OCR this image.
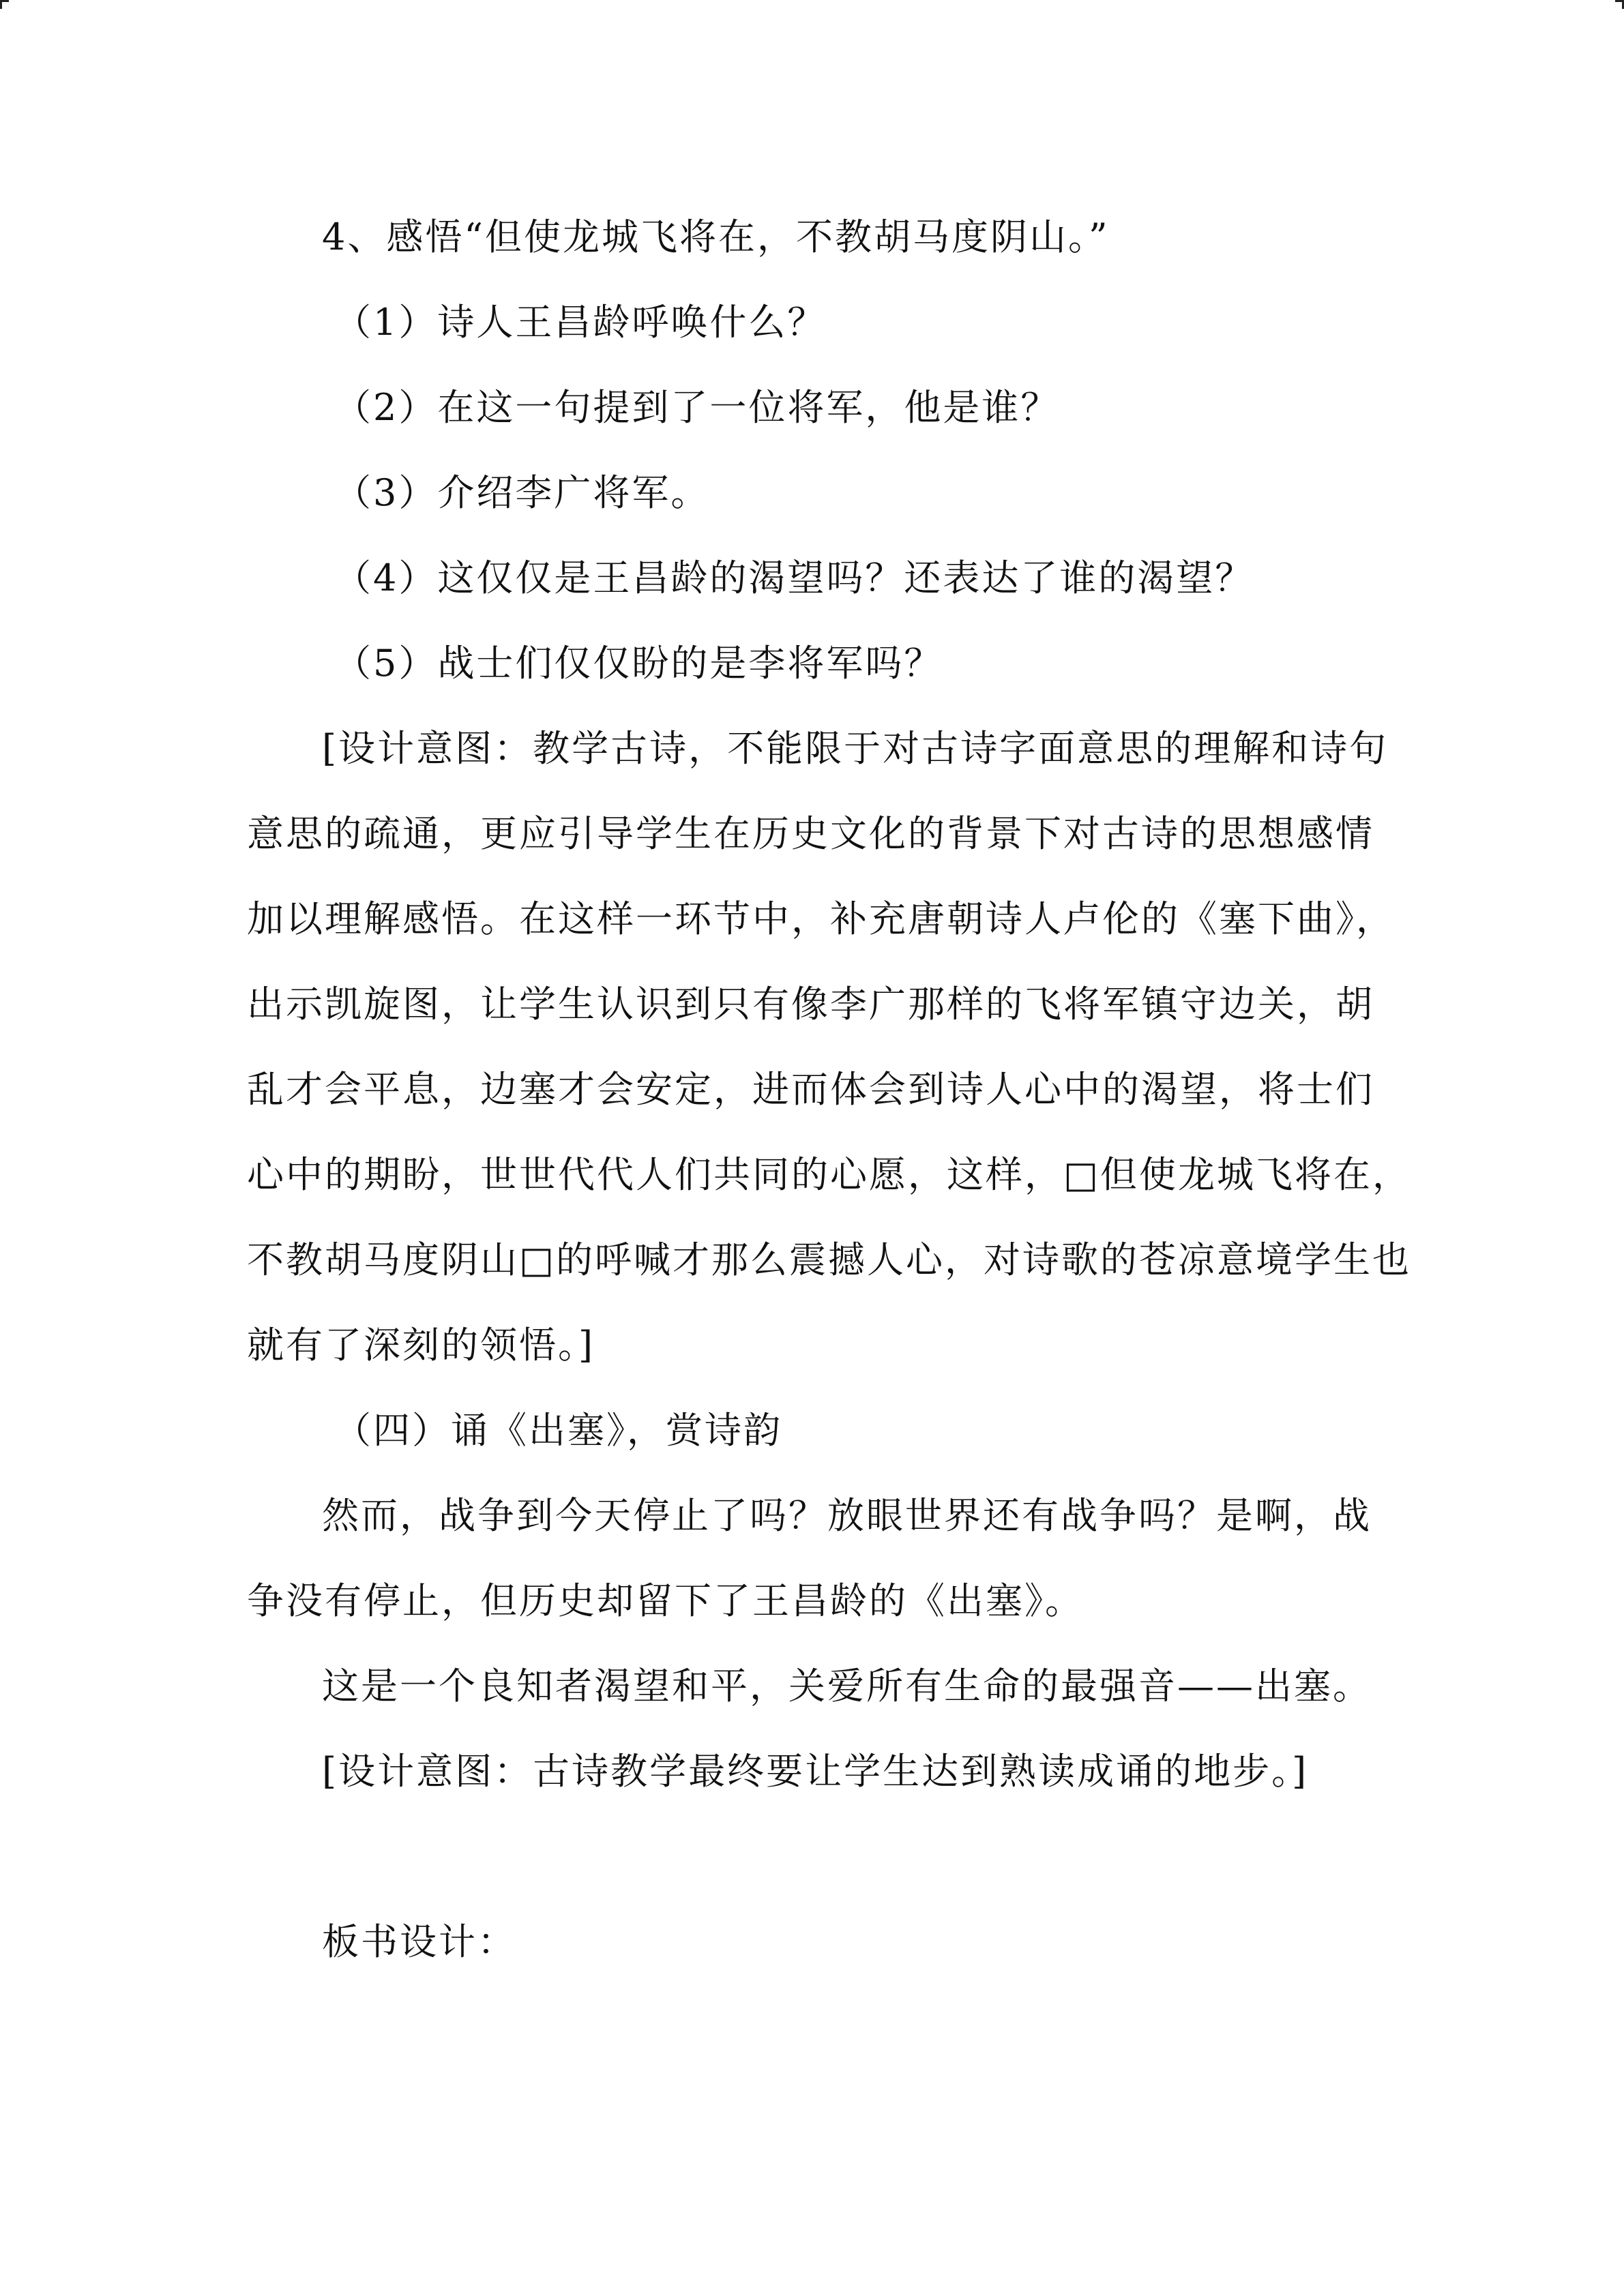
4、感悟“但使龙城飞将在，不教胡马度阴山。”

（1）诗人王昌龄呼唤什么？

（2）在这一句提到了一位将军，他是谁？

（3）介绍李广将军。

（4）这仅仅是王昌龄的渴望吗？还表达了谁的渴望？

（5）战士们仅仅盼的是李将军吗？

[设计意图：教学古诗，不能限于对古诗字面意思的理解和诗句

意思的疏通，更应引导学生在历史文化的背景下对古诗的思想感情

加以理解感悟。在这样一环节中，补充唐朝诗人卢伦的《塞下曲》，

出示凯旋图，让学生认识到只有像李广那样的飞将军镇守边关，胡

乱才会平息，边塞才会安定，进而体会到诗人心中的渴望，将士们

心中的期盼，世世代代人们共同的心愿，这样，□但使龙城飞将在，

不教胡马度阴山□的呼喊才那么震撼人心，对诗歌的苍凉意境学生也

就有了深刻的领悟。]

（四）诵《出塞》，赏诗韵

然而，战争到今天停止了吗？放眼世界还有战争吗？是啊，战

争没有停止，但历史却留下了王昌龄的《出塞》。

这是一个良知者渴望和平，关爱所有生命的最强音——出塞。

[设计意图：古诗教学最终要让学生达到熟读成诵的地步。]

板书设计：
